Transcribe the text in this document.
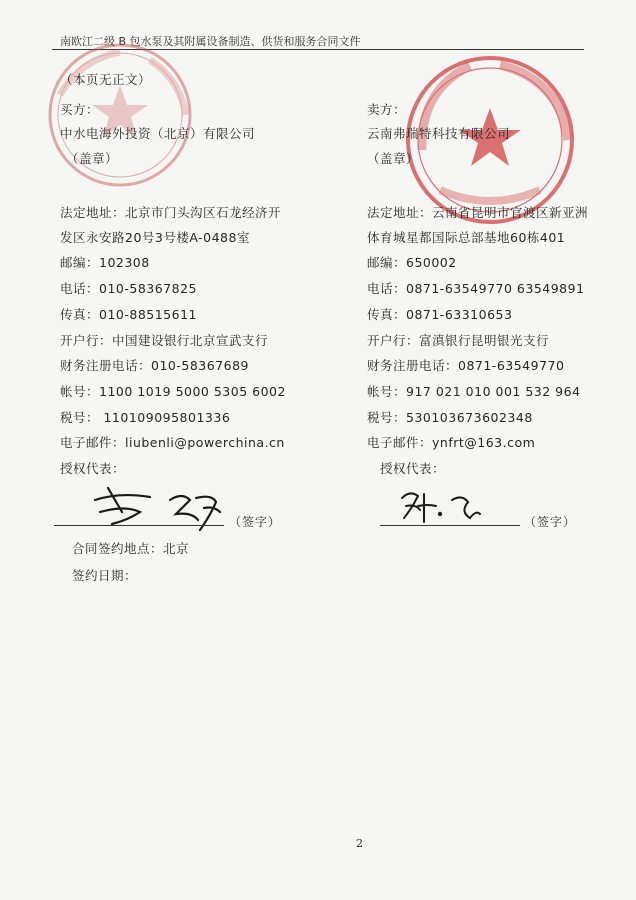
南欧江二级 B 包水泵及其附属设备制造、供货和服务合同文件
（本页无正文）
买方：
中水电海外投资（北京）有限公司
（盖章）
法定地址：北京市门头沟区石龙经济开
发区永安路20号3号楼A-0488室
邮编：102308
电话：010-58367825
传真：010-88515611
开户行：中国建设银行北京宣武支行
财务注册电话：010-58367689
帐号：1100 1019 5000 5305 6002
税号： 110109095801336
电子邮件：liubenli@powerchina.cn
授权代表：
卖方：
云南弗瑞特科技有限公司
（盖章）
法定地址：云南省昆明市官渡区新亚洲
体育城星都国际总部基地60栋401
邮编：650002
电话：0871-63549770 63549891
传真：0871-63310653
开户行：富滇银行昆明银光支行
财务注册电话：0871-63549770
帐号：917 021 010 001 532 964
税号：530103673602348
电子邮件：ynfrt@163.com
授权代表：
（签字）	（签字）
合同签约地点：北京
签约日期：
2
